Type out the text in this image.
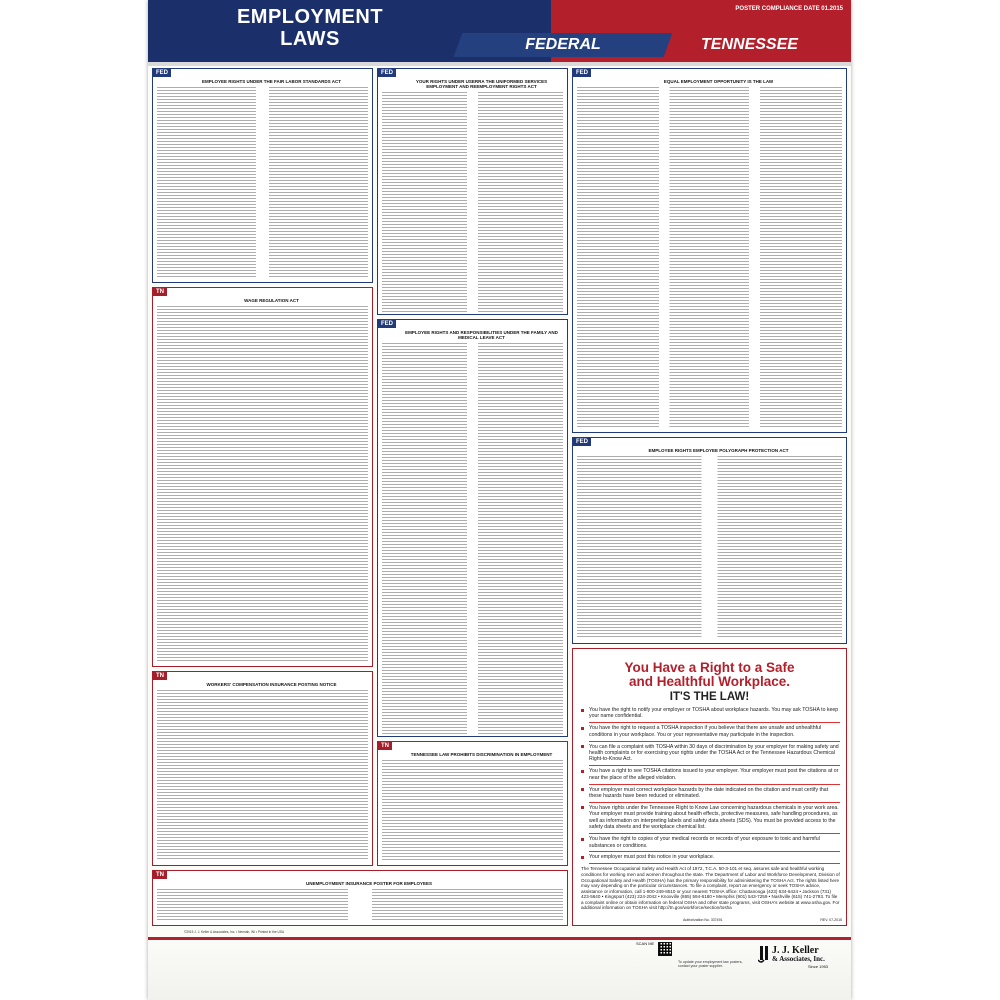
EMPLOYMENT
LAWS
POSTER COMPLIANCE DATE 01.2015
FEDERAL	TENNESSEE
FED
EMPLOYEE RIGHTS UNDER THE FAIR LABOR STANDARDS ACT
TN
WAGE REGULATION ACT
TN
WORKERS' COMPENSATION INSURANCE POSTING NOTICE
FED
YOUR RIGHTS UNDER USERRA THE UNIFORMED SERVICES EMPLOYMENT AND REEMPLOYMENT RIGHTS ACT
FED
EMPLOYEE RIGHTS AND RESPONSIBILITIES UNDER THE FAMILY AND MEDICAL LEAVE ACT
TN
TENNESSEE LAW PROHIBITS DISCRIMINATION IN EMPLOYMENT
FED
EQUAL EMPLOYMENT OPPORTUNITY IS THE LAW
FED
EMPLOYEE RIGHTS EMPLOYEE POLYGRAPH PROTECTION ACT
You Have a Right to a Safe
and Healthful Workplace.
IT'S THE LAW!
You have the right to notify your employer or TOSHA about workplace hazards. You may ask TOSHA to keep your name confidential.
You have the right to request a TOSHA inspection if you believe that there are unsafe and unhealthful conditions in your workplace. You or your representative may participate in the inspection.
You can file a complaint with TOSHA within 30 days of discrimination by your employer for making safety and health complaints or for exercising your rights under the TOSHA Act or the Tennessee Hazardous Chemical Right-to-Know Act.
You have a right to see TOSHA citations issued to your employer. Your employer must post the citations at or near the place of the alleged violation.
Your employer must correct workplace hazards by the date indicated on the citation and must certify that these hazards have been reduced or eliminated.
You have rights under the Tennessee Right to Know Law concerning hazardous chemicals in your work area. Your employer must provide training about health effects, protective measures, safe handling procedures, as well as information on interpreting labels and safety data sheets (SDS). You must be provided access to the safety data sheets and the workplace chemical list.
You have the right to copies of your medical records or records of your exposure to toxic and harmful substances or conditions.
Your employer must post this notice in your workplace.
The Tennessee Occupational Safety and Health Act of 1972, T.C.A. 50-3-101 et seq. assures safe and healthful working conditions for working men and women throughout the state. The Department of Labor and Workforce Development, Division of Occupational Safety and Health (TOSHA) has the primary responsibility for administering the TOSHA Act. The rights listed here may vary depending on the particular circumstances. To file a complaint, report an emergency or seek TOSHA advice, assistance or information, call 1-800-249-8510 or your nearest TOSHA office: Chattanooga (423) 634-6424 • Jackson (731) 423-5640 • Kingsport (423) 224-2042 • Knoxville (865) 594-6180 • Memphis (901) 543-7259 • Nashville (615) 741-2793. To file a complaint online or obtain information on federal OSHA and other state programs, visit OSHA's website at www.osha.gov. For additional information on TOSHA visit http://tn.gov/workforce/section/tosha
Authorization No. 337491	REV. 07-2015
TN
UNEMPLOYMENT INSURANCE POSTER FOR EMPLOYEES
©2015 J. J. Keller & Associates, Inc. • Neenah, WI • Printed in the USA
SCAN ME
To update your employment law posters, contact your poster supplier.
J. J. Keller
& Associates, Inc.
Since 1953
